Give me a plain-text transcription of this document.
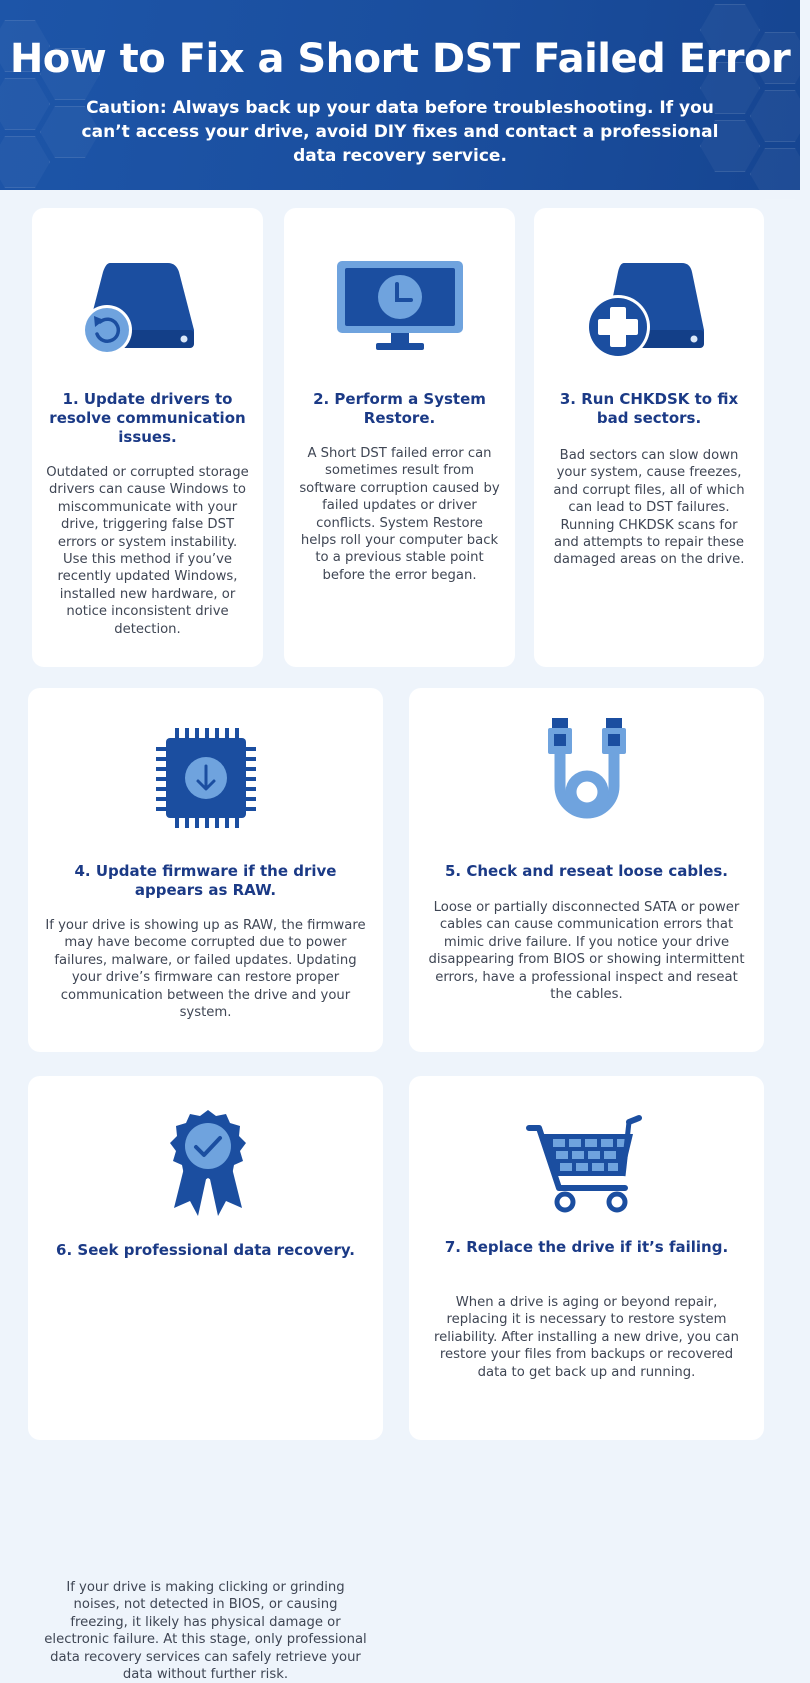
How to Fix a Short DST Failed Error
Caution: Always back up your data before troubleshooting. If you can’t access your drive, avoid DIY fixes and contact a professional data recovery service.
1. Update drivers to resolve communication issues.
Outdated or corrupted storage drivers can cause Windows to miscommunicate with your drive, triggering false DST errors or system instability. Use this method if you’ve recently updated Windows, installed new hardware, or notice inconsistent drive detection.
2. Perform a System Restore.
A Short DST failed error can sometimes result from software corruption caused by failed updates or driver conflicts. System Restore helps roll your computer back to a previous stable point before the error began.
3. Run CHKDSK to fix bad sectors.
Bad sectors can slow down your system, cause freezes, and corrupt files, all of which can lead to DST failures. Running CHKDSK scans for and attempts to repair these damaged areas on the drive.
4. Update firmware if the drive appears as RAW.
If your drive is showing up as RAW, the firmware may have become corrupted due to power failures, malware, or failed updates. Updating your drive’s firmware can restore proper communication between the drive and your system.
5. Check and reseat loose cables.
Loose or partially disconnected SATA or power cables can cause communication errors that mimic drive failure. If you notice your drive disappearing from BIOS or showing intermittent errors, have a professional inspect and reseat the cables.
6. Seek professional data recovery.
If your drive is making clicking or grinding noises, not detected in BIOS, or causing freezing, it likely has physical damage or electronic failure. At this stage, only professional data recovery services can safely retrieve your data without further risk.
7. Replace the drive if it’s failing.
When a drive is aging or beyond repair, replacing it is necessary to restore system reliability. After installing a new drive, you can restore your files from backups or recovered data to get back up and running.
